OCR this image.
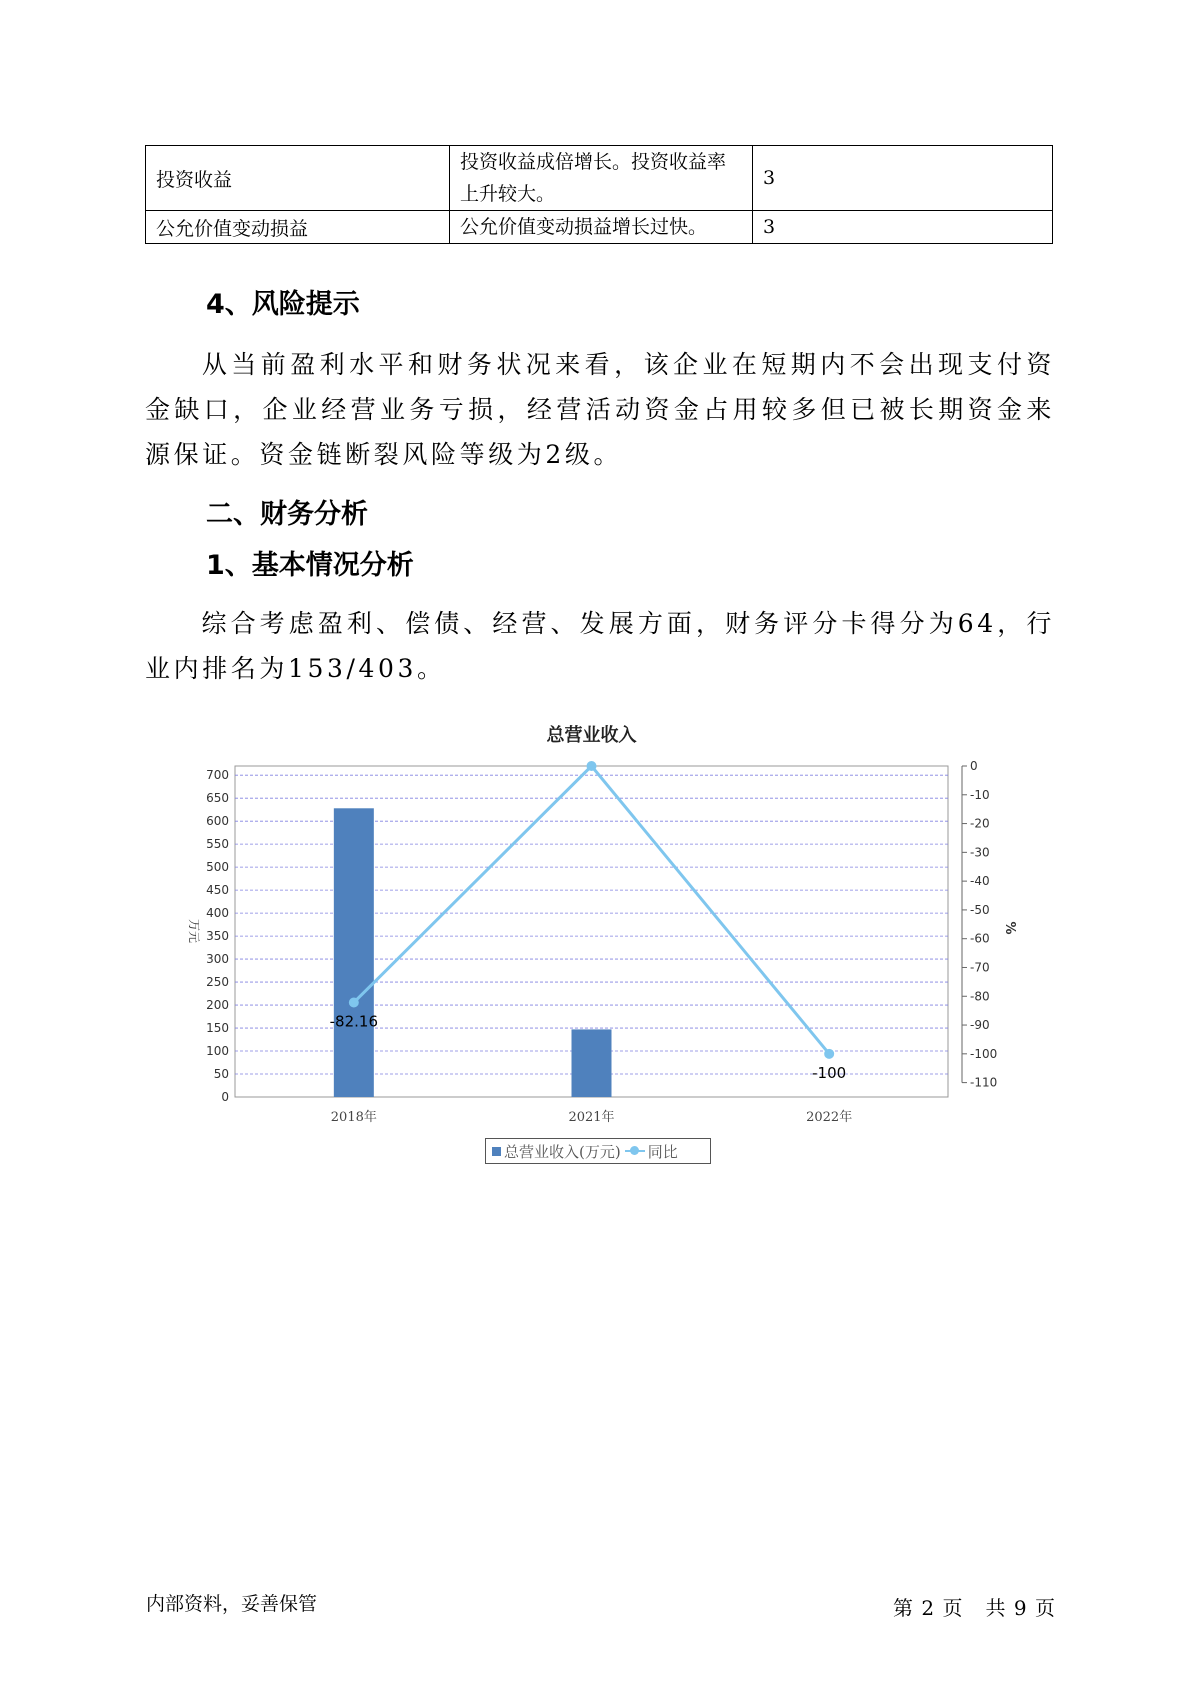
投资收益	投资收益成倍增长。投资收益率上升较大。	3
公允价值变动损益	公允价值变动损益增长过快。	3
4、风险提示
从当前盈利水平和财务状况来看，该企业在短期内不会出现支付资金缺口，企业经营业务亏损，经营活动资金占用较多但已被长期资金来源保证。资金链断裂风险等级为2级。
二、财务分析
1、基本情况分析
综合考虑盈利、偿债、经营、发展方面，财务评分卡得分为64，行业内排名为153/403。
总营业收入
0
50
100
150
200
250
300
350
400
450
500
550
600
650
700
万元
0
-10
-20
-30
-40
-50
-60
-70
-80
-90
-100
-110
%
2018年	2021年	2022年
-82.16
-100
总营业收入(万元) 同比
内部资料，妥善保管	第 2 页   共 9 页
